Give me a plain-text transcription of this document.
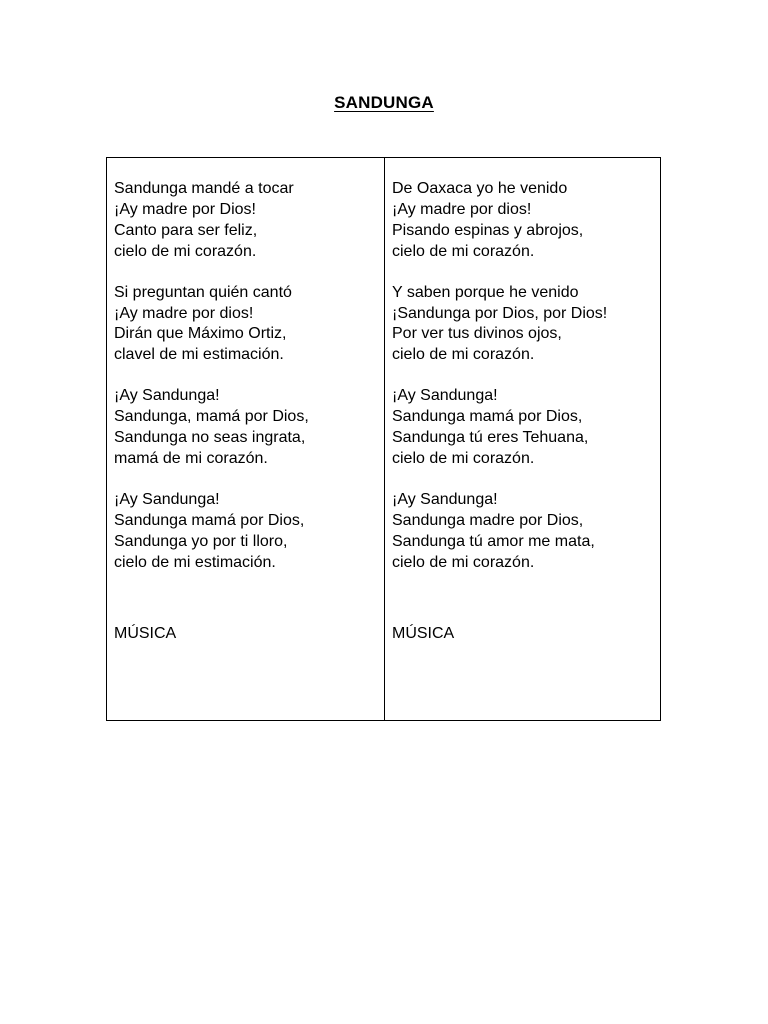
SANDUNGA
Sandunga mandé a tocar
¡Ay madre por Dios!
Canto para ser feliz,
cielo de mi corazón.
Si preguntan quién cantó
¡Ay madre por dios!
Dirán que Máximo Ortiz,
clavel de mi estimación.
¡Ay Sandunga!
Sandunga, mamá por Dios,
Sandunga no seas ingrata,
mamá de mi corazón.
¡Ay Sandunga!
Sandunga mamá por Dios,
Sandunga yo por ti lloro,
cielo de mi estimación.
MÚSICA
De Oaxaca yo he venido
¡Ay madre por dios!
Pisando espinas y abrojos,
cielo de mi corazón.
Y saben porque he venido
¡Sandunga por Dios, por Dios!
Por ver tus divinos ojos,
cielo de mi corazón.
¡Ay Sandunga!
Sandunga mamá por Dios,
Sandunga tú eres Tehuana,
cielo de mi corazón.
¡Ay Sandunga!
Sandunga madre por Dios,
Sandunga tú amor me mata,
cielo de mi corazón.
MÚSICA
